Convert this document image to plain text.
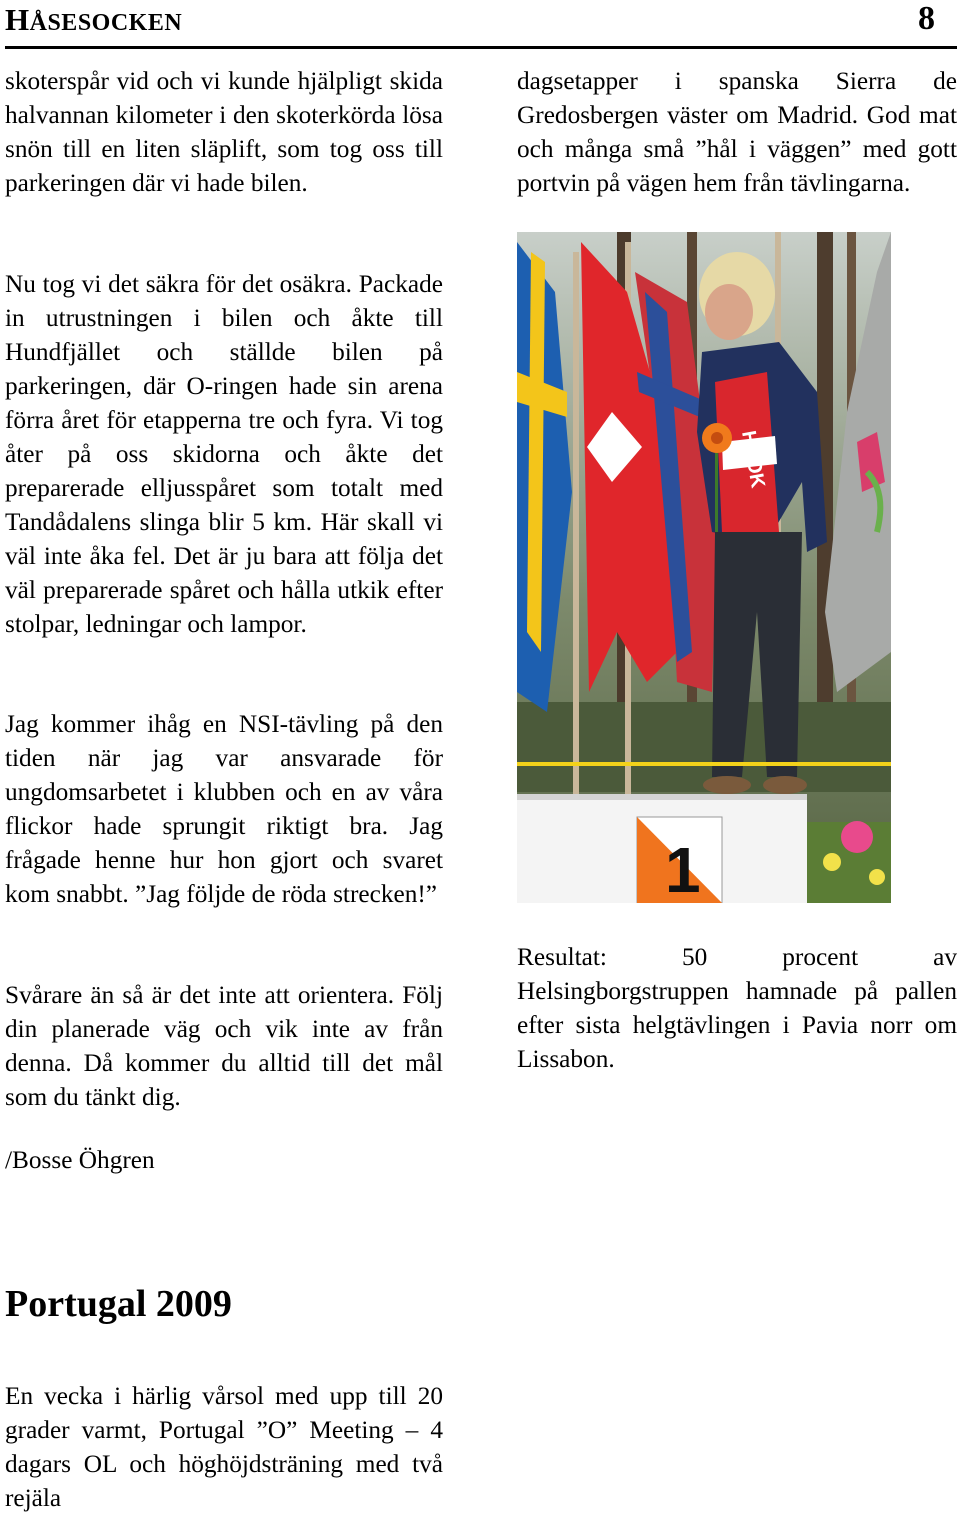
HÅSESOCKEN	8

skoterspår vid och vi kunde hjälpligt skida halvannan kilometer i den skoterkörda lösa snön till en liten släplift, som tog oss till parkeringen där vi hade bilen.

Nu tog vi det säkra för det osäkra. Packade in utrustningen i bilen och åkte till Hundfjället och ställde bilen på parkeringen, där O-ringen hade sin arena förra året för etapperna tre och fyra. Vi tog åter på oss skidorna och åkte det preparerade elljusspåret som totalt med Tandådalens slinga blir 5 km. Här skall vi väl inte åka fel. Det är ju bara att följa det väl preparerade spåret och hålla utkik efter stolpar, ledningar och lampor.

Jag kommer ihåg en NSI-tävling på den tiden när jag var ansvarade för ungdomsarbetet i klubben och en av våra flickor hade sprungit riktigt bra. Jag frågade henne hur hon gjort och svaret kom snabbt. ”Jag följde de röda strecken!”

Svårare än så är det inte att orientera. Följ din planerade väg och vik inte av från denna. Då kommer du alltid till det mål som du tänkt dig.

/Bosse Öhgren

Portugal 2009

En vecka i härlig vårsol med upp till 20 grader varmt, Portugal ”O” Meeting – 4 dagars OL och höghöjdsträning med två rejäla

dagsetapper i spanska Sierra de Gredosbergen väster om Madrid. God mat och många små ”hål i väggen” med gott portvin på vägen hem från tävlingarna.

HSOK
1

Resultat: 50 procent av Helsingborgstruppen hamnade på pallen efter sista helgtävlingen i Pavia norr om Lissabon.
